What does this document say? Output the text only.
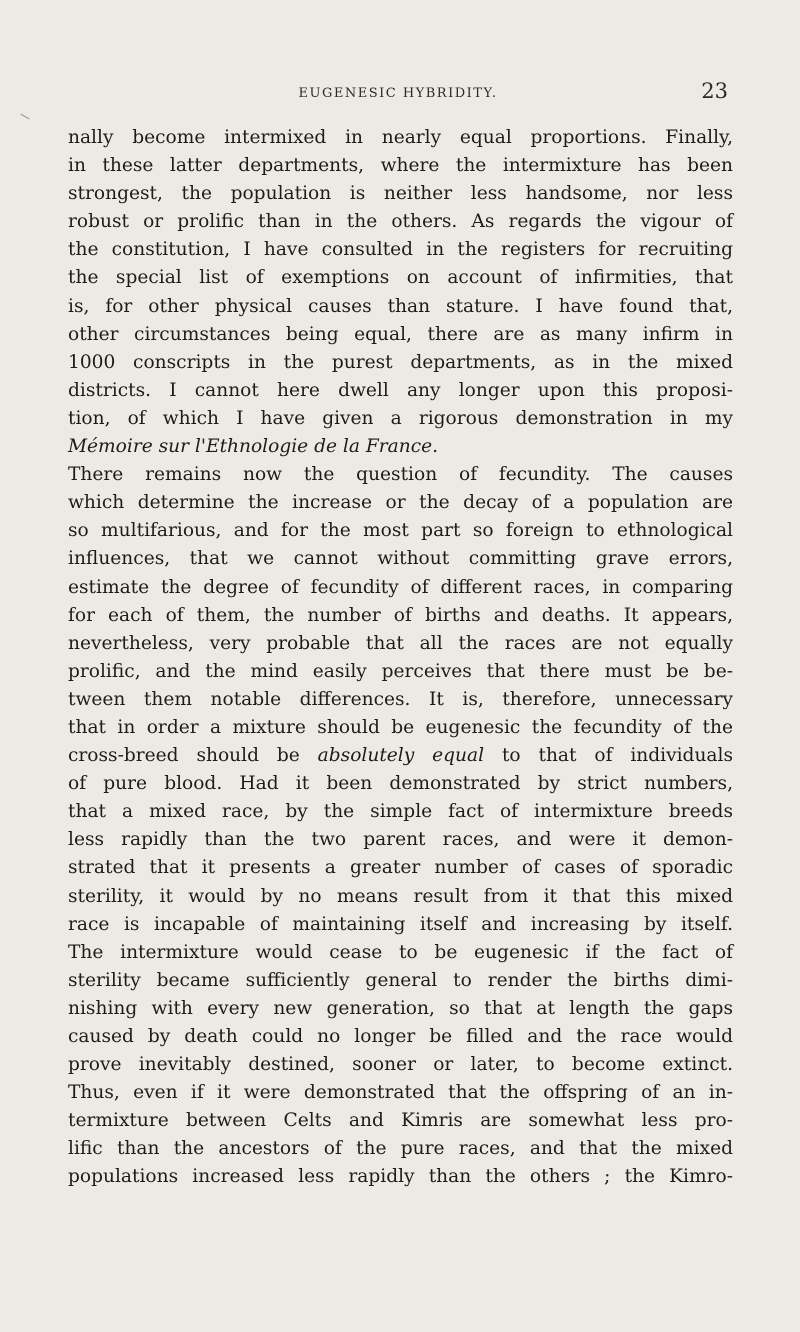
EUGENESIC HYBRIDITY.	23
nally become intermixed in nearly equal proportions. Finally,
in these latter departments, where the intermixture has been
strongest, the population is neither less handsome, nor less
robust or prolific than in the others. As regards the vigour of
the constitution, I have consulted in the registers for recruiting
the special list of exemptions on account of infirmities, that
is, for other physical causes than stature. I have found that,
other circumstances being equal, there are as many infirm in
1000 conscripts in the purest departments, as in the mixed
districts. I cannot here dwell any longer upon this proposi-
tion, of which I have given a rigorous demonstration in my
Mémoire sur l'Ethnologie de la France.
There remains now the question of fecundity. The causes
which determine the increase or the decay of a population are
so multifarious, and for the most part so foreign to ethnological
influences, that we cannot without committing grave errors,
estimate the degree of fecundity of different races, in comparing
for each of them, the number of births and deaths. It appears,
nevertheless, very probable that all the races are not equally
prolific, and the mind easily perceives that there must be be-
tween them notable differences. It is, therefore, unnecessary
that in order a mixture should be eugenesic the fecundity of the
cross-breed should be absolutely equal to that of individuals
of pure blood. Had it been demonstrated by strict numbers,
that a mixed race, by the simple fact of intermixture breeds
less rapidly than the two parent races, and were it demon-
strated that it presents a greater number of cases of sporadic
sterility, it would by no means result from it that this mixed
race is incapable of maintaining itself and increasing by itself.
The intermixture would cease to be eugenesic if the fact of
sterility became sufficiently general to render the births dimi-
nishing with every new generation, so that at length the gaps
caused by death could no longer be filled and the race would
prove inevitably destined, sooner or later, to become extinct.
Thus, even if it were demonstrated that the offspring of an in-
termixture between Celts and Kimris are somewhat less pro-
lific than the ancestors of the pure races, and that the mixed
populations increased less rapidly than the others ; the Kimro-
